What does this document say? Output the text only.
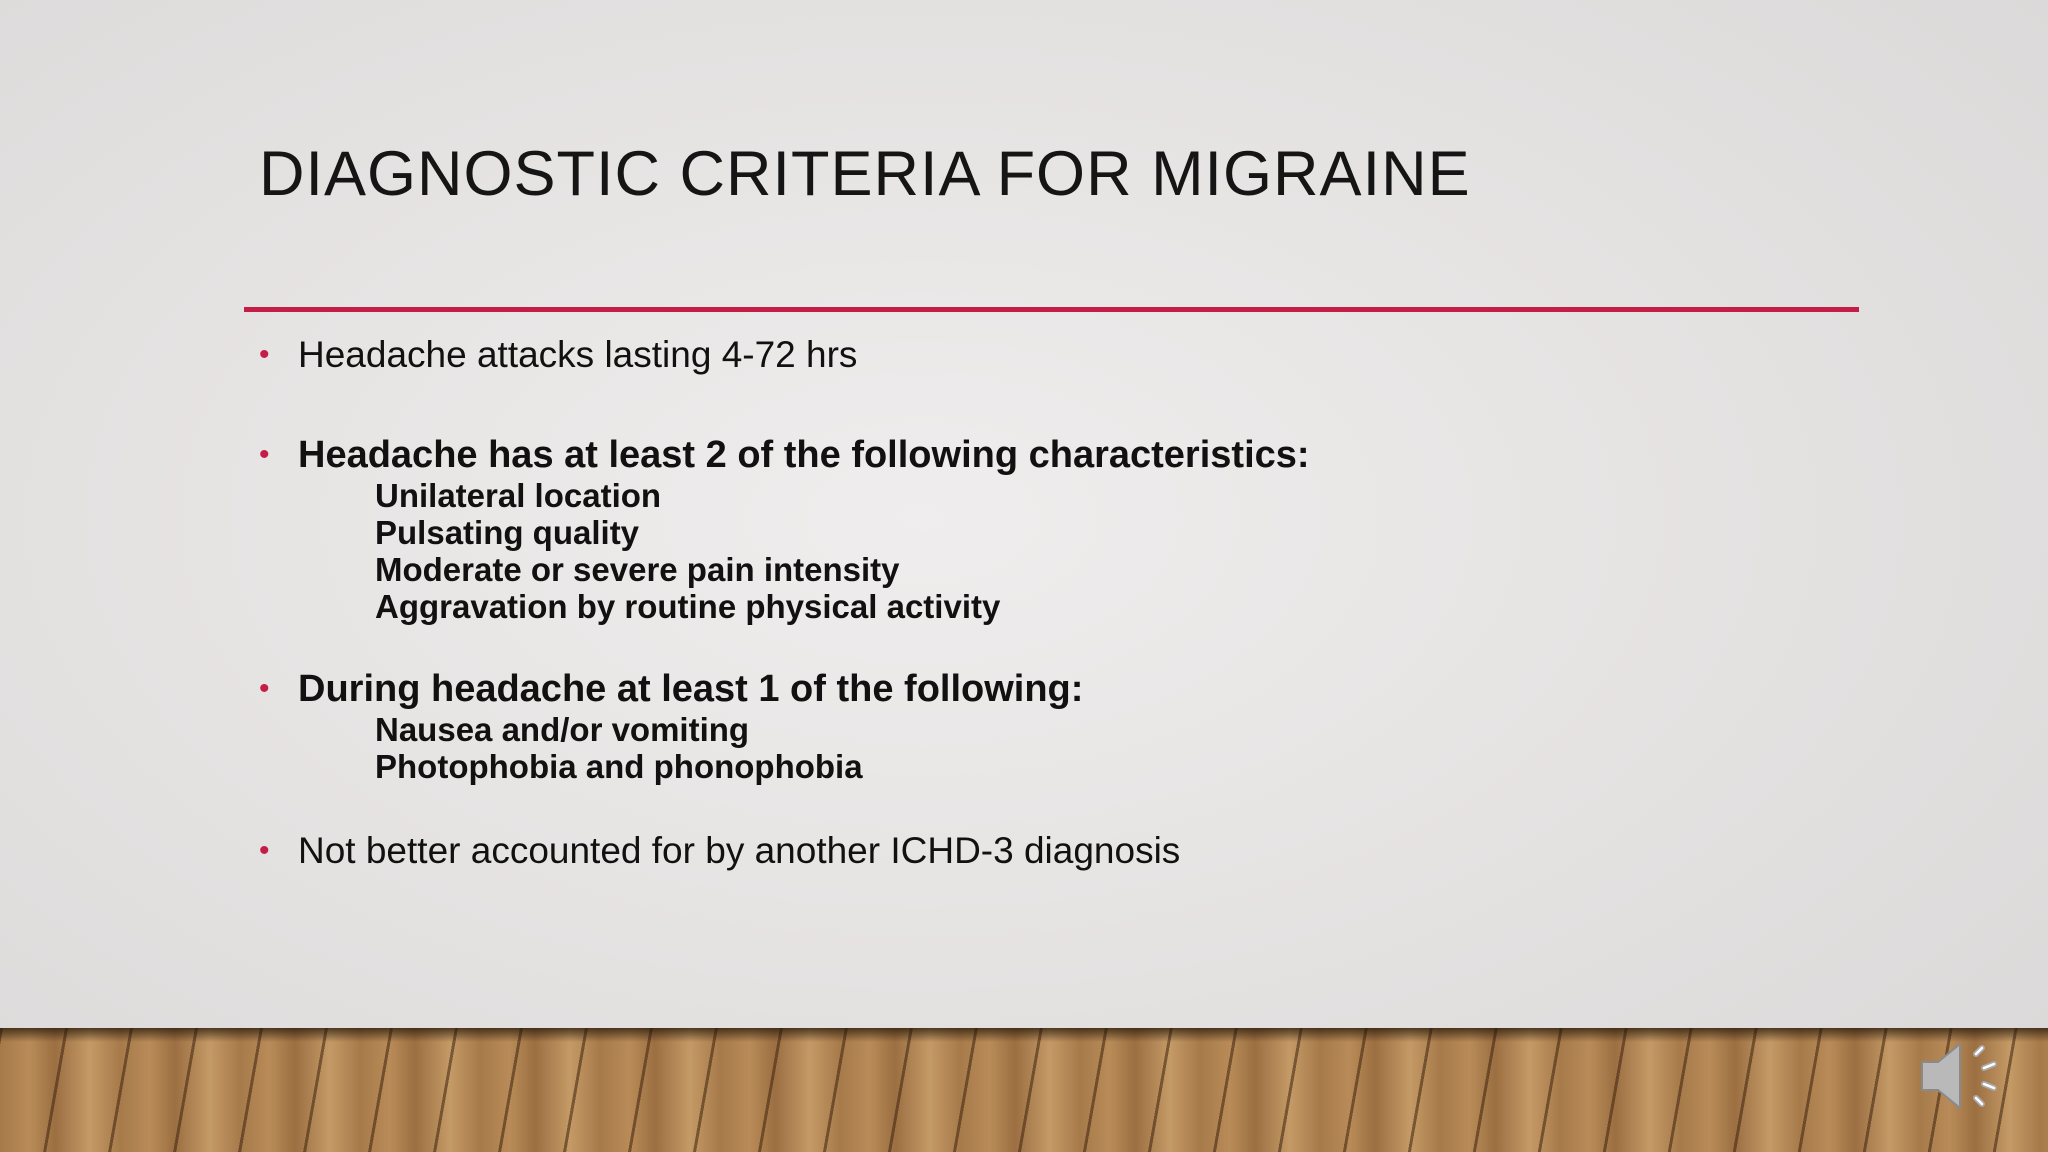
DIAGNOSTIC CRITERIA FOR MIGRAINE
• Headache attacks lasting 4-72 hrs
• Headache has at least 2 of the following characteristics:
Unilateral location
Pulsating quality
Moderate or severe pain intensity
Aggravation by routine physical activity
• During headache at least 1 of the following:
Nausea and/or vomiting
Photophobia and phonophobia
• Not better accounted for by another ICHD-3 diagnosis
